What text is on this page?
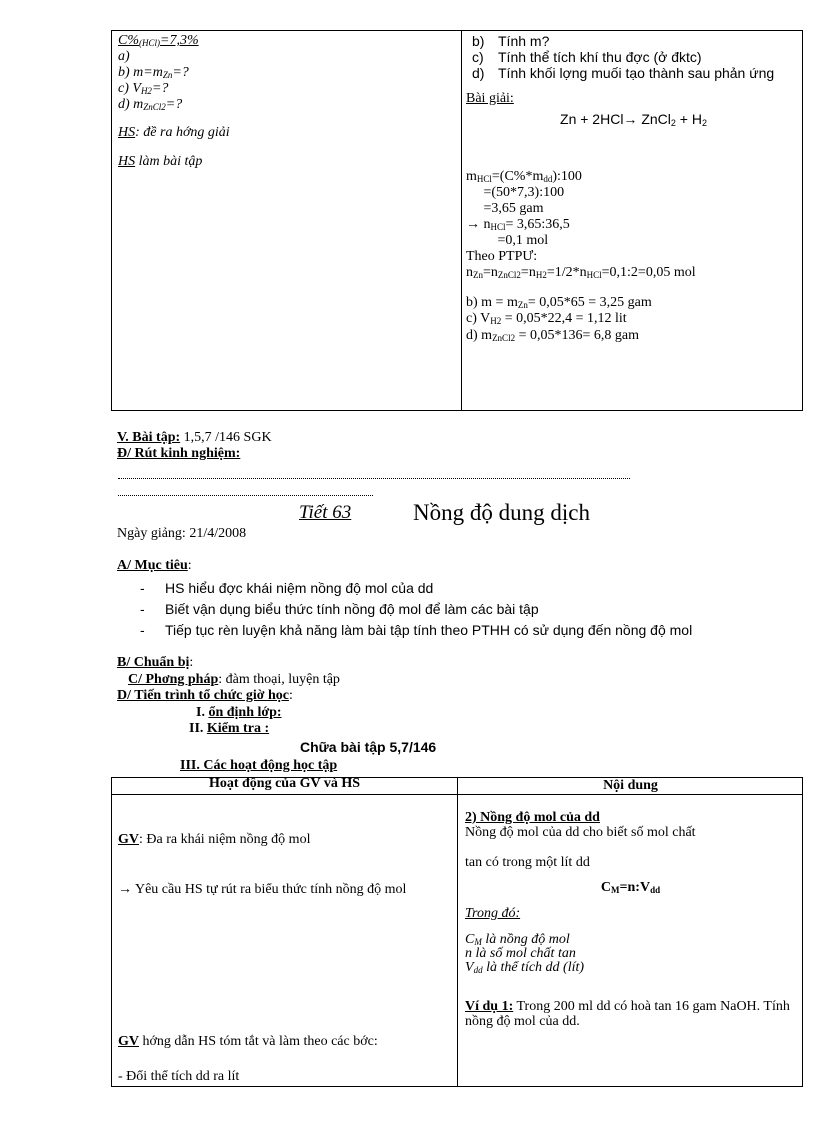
$C\%_{(HCl)}=7,3\%$
a)
b) $m=m_{Zn}=$?
c) $V_{H2}=$?
d) $m_{ZnCl2}=$?
HS: đề ra hớng giải
HS làm bài tập
b) Tính m?
c)	Tính thể tích khí thu đợc (ở đktc)
d) Tính khối lợng muối tạo thành sau phản ứng
Bài giải:
Zn + 2HCl→ ZnCl$_2$ + $H_2$
$m_{HCl}=(C\%*m_{dd}):100$
=(50*7,3):100
=3,65 gam
→ $n_{HCl}=$ 3,65:36,5
=0,1 mol
Theo PTPƯ:
$n_{Zn}=n_{ZnCl2}=n_{H2}=1/2*n_{HCl}=0,1:2=0,05$ mol
b) $m = m_{Zn}= 0,05*65 = 3,25$ gam
c) $V_{H2} = 0,05*22,4 = 1,12$ lit
d) $m_{ZnCl2} = 0,05*136= 6,8$ gam
V. Bài tập: 1,5,7 /146 SGK
Đ/ Rút kinh nghiệm:
Tiết 63	Nồng độ dung dịch
Ngày giảng: 21/4/2008
A/ Mục tiêu:
- HS hiểu đợc khái niệm nồng độ mol của dd
- Biết vận dụng biểu thức tính nồng độ mol để làm các bài tập
- Tiếp tục rèn luyện khả năng làm bài tập tính theo PTHH có sử dụng đến nồng độ mol
B/ Chuẩn bị:
C/ Phơng pháp: đàm thoại, luyện tập
D/ Tiến trình tổ chức giờ học:
I. ổn định lớp:
II. Kiểm tra :
Chữa bài tập 5,7/146
III. Các hoạt động học tập
Hoạt động của GV và HS	Nội dung
GV: Đa ra khái niệm nồng độ mol
→ Yêu cầu HS tự rút ra biểu thức tính nồng độ mol
GV hớng dẫn HS tóm tắt và làm theo các bớc:
- Đổi thể tích dd ra lít
2) Nồng độ mol của dd
Nồng độ mol của dd cho biết số mol chất
tan có trong một lít dd
$C_M=n:V_{dd}$
Trong đó:
$C_M$ là nồng độ mol
n là số mol chất tan
$V_{dd}$ là thể tích dd (lít)
Ví dụ 1: Trong 200 ml dd có hoà tan 16 gam NaOH. Tính nồng độ mol của dd.
